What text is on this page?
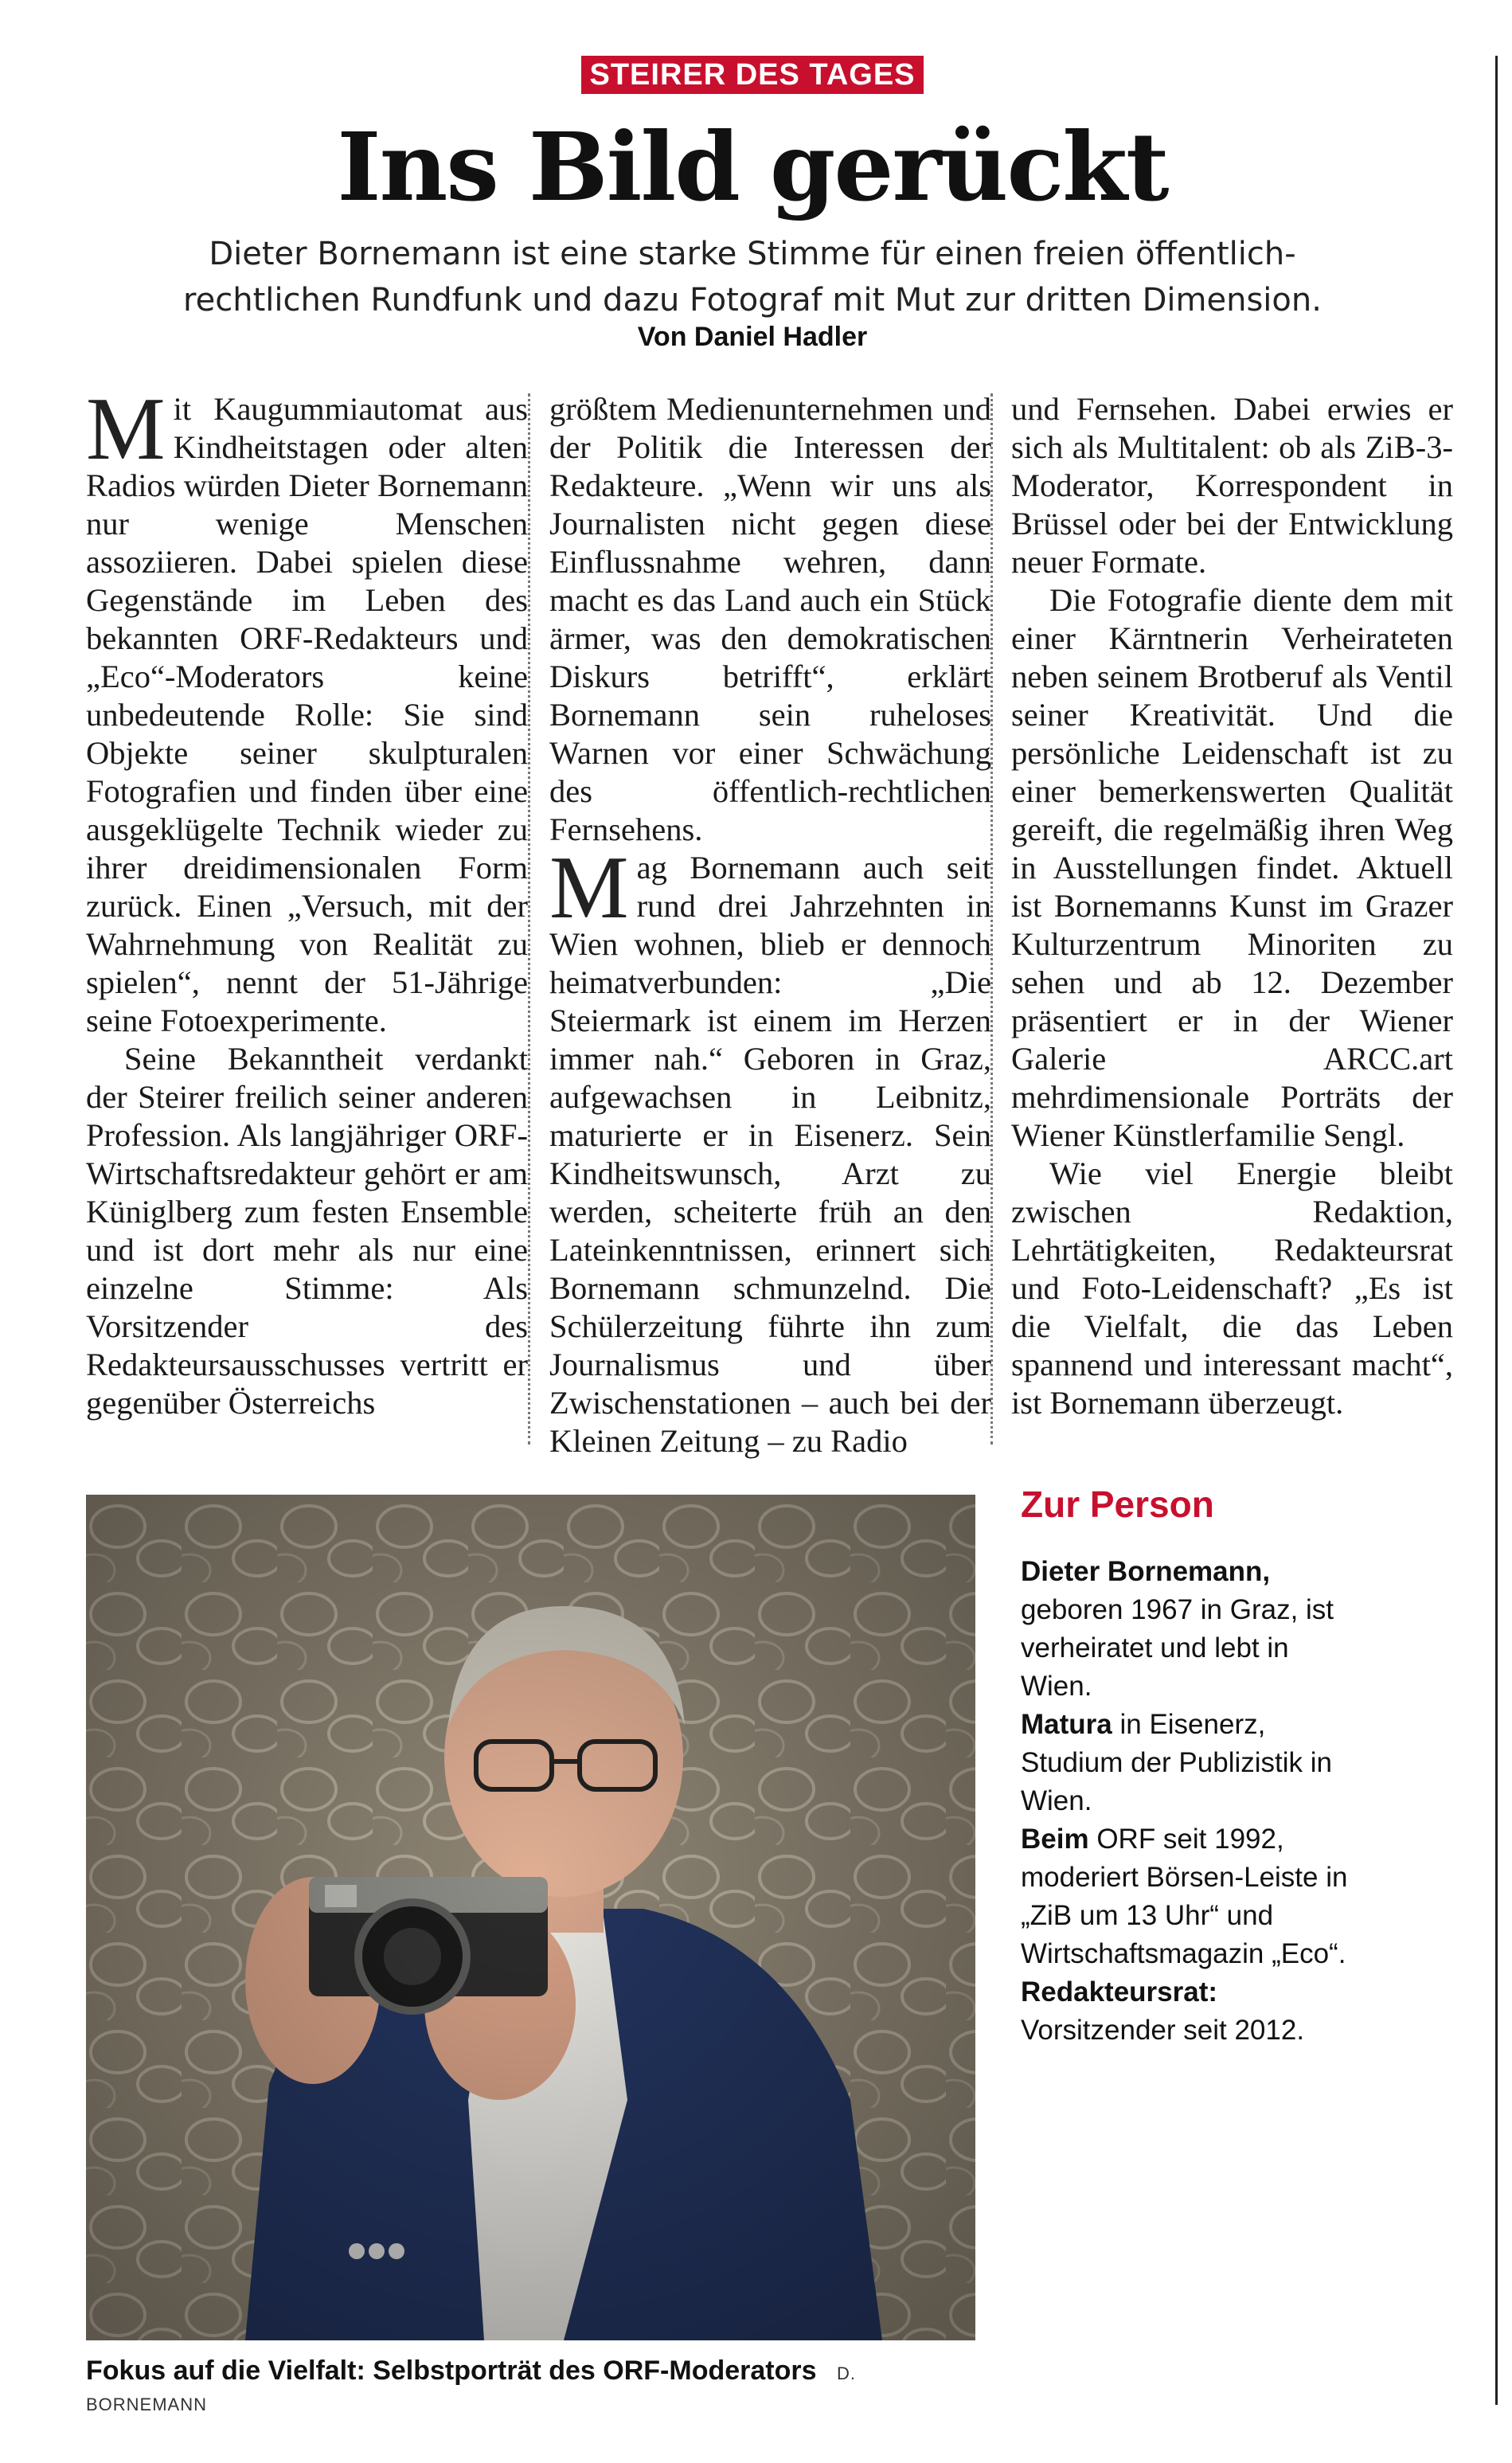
STEIRER DES TAGES
Ins Bild gerückt
Dieter Bornemann ist eine starke Stimme für einen freien öffentlich-rechtlichen Rundfunk und dazu Fotograf mit Mut zur dritten Dimension.
Von Daniel Hadler

Mit Kaugummiautomat aus Kindheitstagen oder alten Radios würden Dieter Bornemann nur wenige Menschen assoziieren. Dabei spielen diese Gegenstände im Leben des bekannten ORF-Redakteurs und „Eco“-Moderators keine unbedeutende Rolle: Sie sind Objekte seiner skulpturalen Fotografien und finden über eine ausgeklügelte Technik wieder zu ihrer dreidimensionalen Form zurück. Einen „Versuch, mit der Wahrnehmung von Realität zu spielen“, nennt der 51-Jährige seine Fotoexperimente.

Seine Bekanntheit verdankt der Steirer freilich seiner anderen Profession. Als langjähriger ORF-Wirtschaftsredakteur gehört er am Küniglberg zum festen Ensemble und ist dort mehr als nur eine einzelne Stimme: Als Vorsitzender des Redakteursausschusses vertritt er gegenüber Österreichs

größtem Medienunternehmen und der Politik die Interessen der Redakteure. „Wenn wir uns als Journalisten nicht gegen diese Einflussnahme wehren, dann macht es das Land auch ein Stück ärmer, was den demokratischen Diskurs betrifft“, erklärt Bornemann sein ruheloses Warnen vor einer Schwächung des öffentlich-rechtlichen Fernsehens.

Mag Bornemann auch seit rund drei Jahrzehnten in Wien wohnen, blieb er dennoch heimatverbunden: „Die Steiermark ist einem im Herzen immer nah.“ Geboren in Graz, aufgewachsen in Leibnitz, maturierte er in Eisenerz. Sein Kindheitswunsch, Arzt zu werden, scheiterte früh an den Lateinkenntnissen, erinnert sich Bornemann schmunzelnd. Die Schülerzeitung führte ihn zum Journalismus und über Zwischenstationen – auch bei der Kleinen Zeitung – zu Radio

und Fernsehen. Dabei erwies er sich als Multitalent: ob als ZiB-3-Moderator, Korrespondent in Brüssel oder bei der Entwicklung neuer Formate.

Die Fotografie diente dem mit einer Kärntnerin Verheirateten neben seinem Brotberuf als Ventil seiner Kreativität. Und die persönliche Leidenschaft ist zu einer bemerkenswerten Qualität gereift, die regelmäßig ihren Weg in Ausstellungen findet. Aktuell ist Bornemanns Kunst im Grazer Kulturzentrum Minoriten zu sehen und ab 12. Dezember präsentiert er in der Wiener Galerie ARCC.art mehrdimensionale Porträts der Wiener Künstlerfamilie Sengl.

Wie viel Energie bleibt zwischen Redaktion, Lehrtätigkeiten, Redakteursrat und Foto-Leidenschaft? „Es ist die Vielfalt, die das Leben spannend und interessant macht“, ist Bornemann überzeugt.

Fokus auf die Vielfalt: Selbstporträt des ORF-Moderators D. BORNEMANN
Zur Person
Dieter Bornemann, geboren 1967 in Graz, ist verheiratet und lebt in Wien.
Matura in Eisenerz, Studium der Publizistik in Wien.
Beim ORF seit 1992, moderiert Börsen-Leiste in „ZiB um 13 Uhr“ und Wirtschaftsmagazin „Eco“.
Redakteursrat: Vorsitzender seit 2012.
